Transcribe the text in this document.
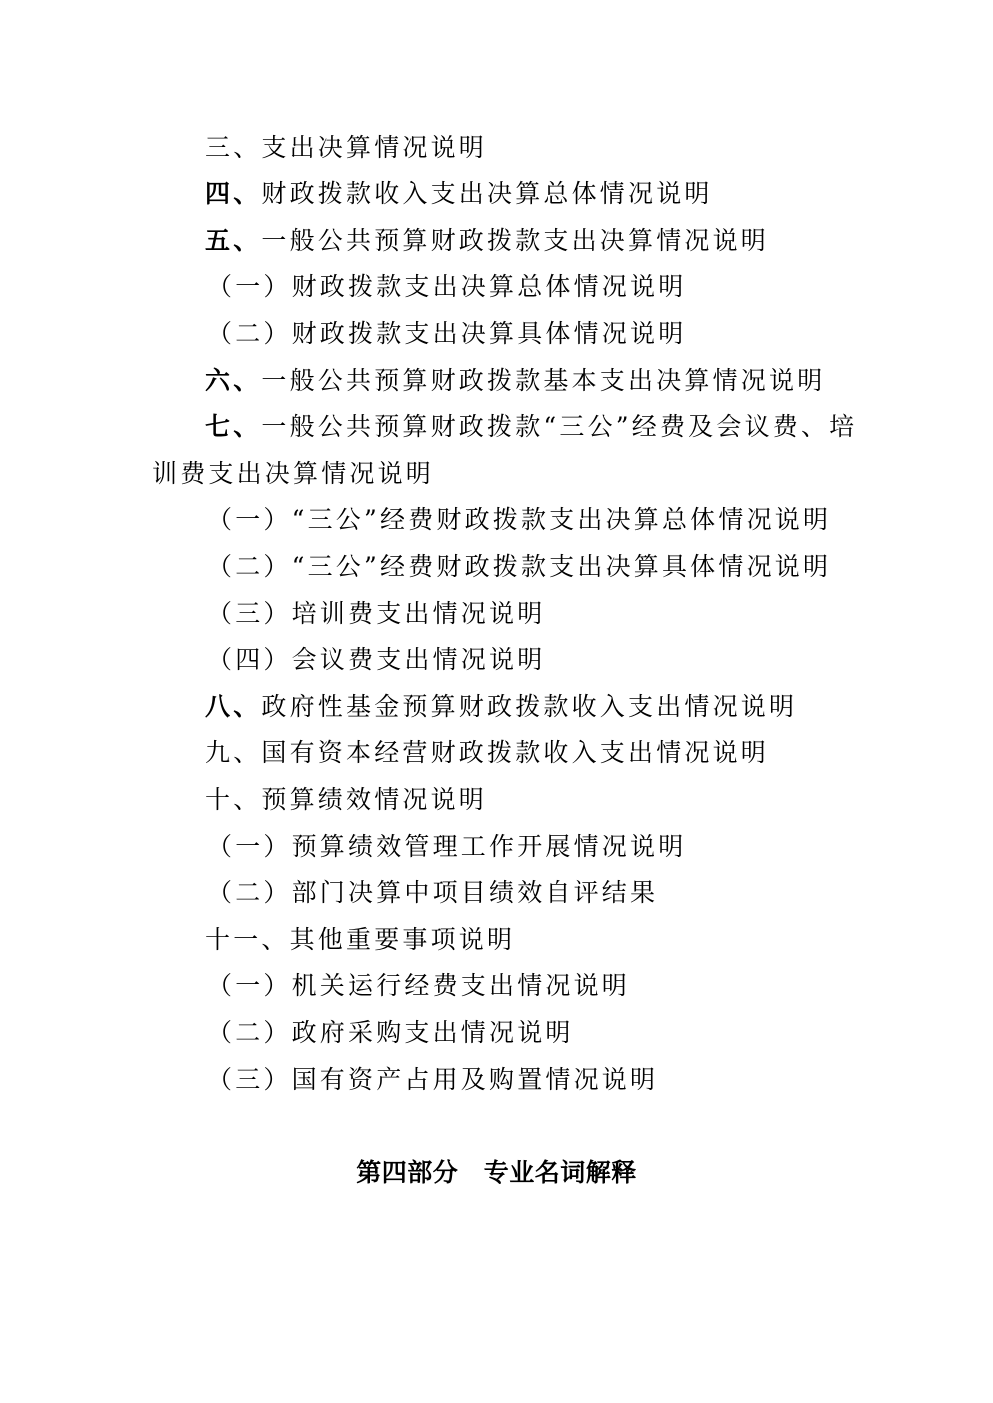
三、支出决算情况说明
四、财政拨款收入支出决算总体情况说明
五、一般公共预算财政拨款支出决算情况说明
（一）财政拨款支出决算总体情况说明
（二）财政拨款支出决算具体情况说明
六、一般公共预算财政拨款基本支出决算情况说明
七、一般公共预算财政拨款“三公”经费及会议费、培
训费支出决算情况说明
（一）“三公”经费财政拨款支出决算总体情况说明
（二）“三公”经费财政拨款支出决算具体情况说明
（三）培训费支出情况说明
（四）会议费支出情况说明
八、政府性基金预算财政拨款收入支出情况说明
九、国有资本经营财政拨款收入支出情况说明
十、预算绩效情况说明
（一）预算绩效管理工作开展情况说明
（二）部门决算中项目绩效自评结果
十一、其他重要事项说明
（一）机关运行经费支出情况说明
（二）政府采购支出情况说明
（三）国有资产占用及购置情况说明
第四部分　专业名词解释
